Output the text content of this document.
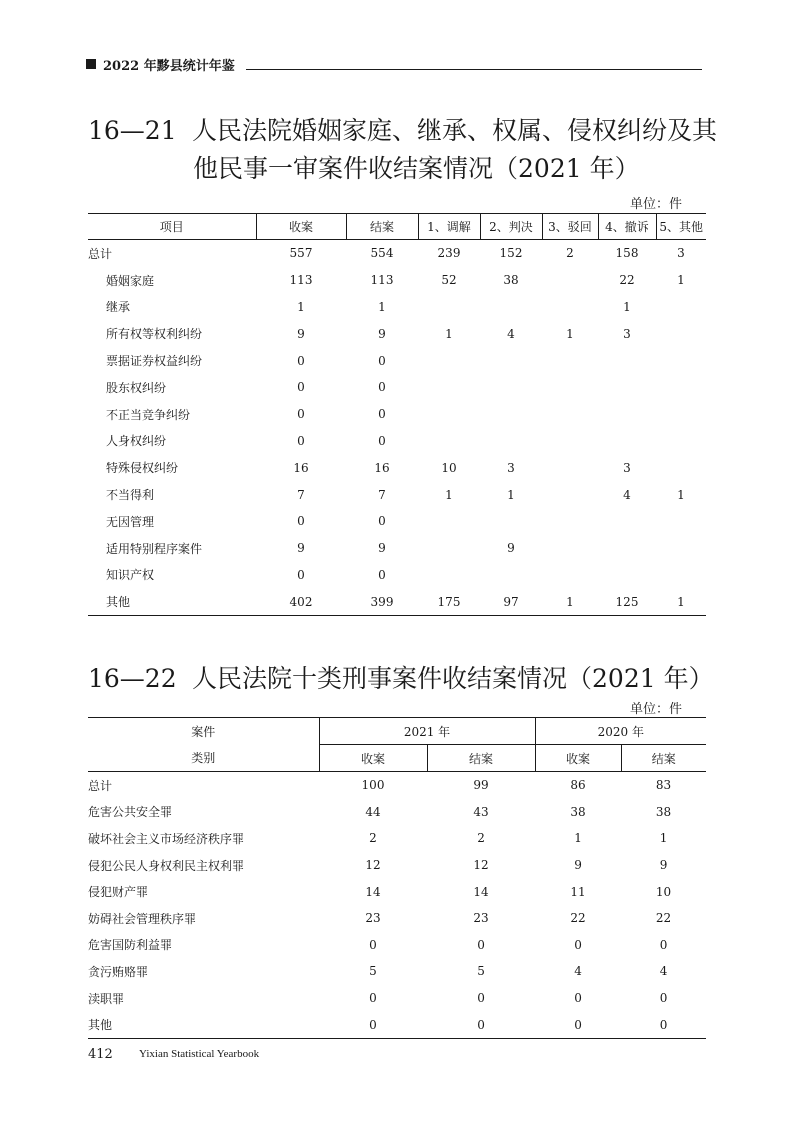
2022 年黟县统计年鉴
16—21 人民法院婚姻家庭、继承、权属、侵权纠纷及其
他民事一审案件收结案情况（2021 年）
单位：件
项目	收案	结案	1、调解	2、判决	3、驳回	4、撤诉	5、其他
总计	557	554	239	152	2	158	3
婚姻家庭	113	113	52	38		22	1
继承	1	1				1	
所有权等权利纠纷	9	9	1	4	1	3	
票据证券权益纠纷	0	0					
股东权纠纷	0	0					
不正当竞争纠纷	0	0					
人身权纠纷	0	0					
特殊侵权纠纷	16	16	10	3		3	
不当得利	7	7	1	1		4	1
无因管理	0	0					
适用特别程序案件	9	9		9			
知识产权	0	0					
其他	402	399	175	97	1	125	1
16—22 人民法院十类刑事案件收结案情况（2021 年）
单位：件
案件	2021 年		2020 年	
类别	收案	结案	收案	结案
总计	100	99	86	83
危害公共安全罪	44	43	38	38
破坏社会主义市场经济秩序罪	2	2	1	1
侵犯公民人身权利民主权利罪	12	12	9	9
侵犯财产罪	14	14	11	10
妨碍社会管理秩序罪	23	23	22	22
危害国防利益罪	0	0	0	0
贪污贿赂罪	5	5	4	4
渎职罪	0	0	0	0
其他	0	0	0	0
412 Yixian Statistical Yearbook
